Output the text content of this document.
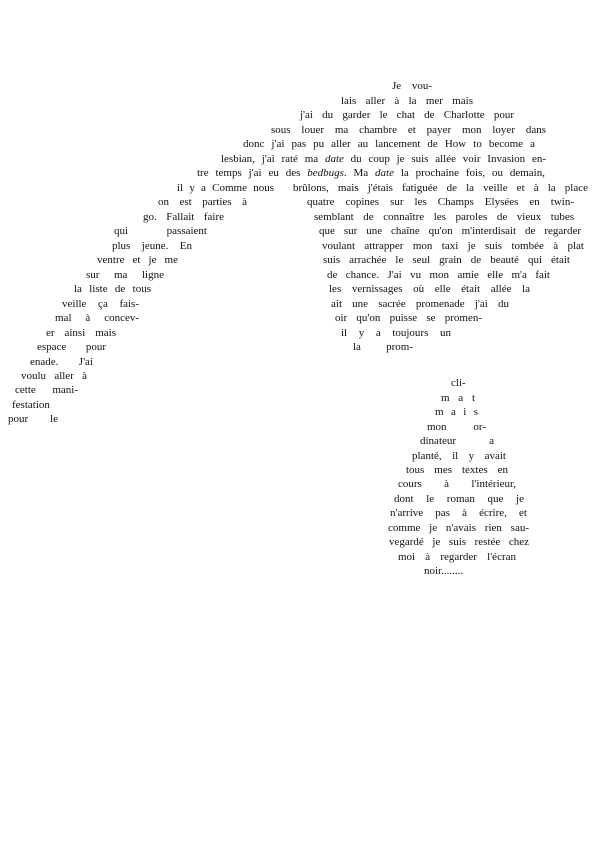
Je vou-
lais aller à la mer mais
j'ai du garder le chat de Charlotte pour
sous louer ma chambre et payer mon loyer dans
donc j'ai pas pu aller au lancement de How to become a
lesbian, j'ai raté ma date du coup je suis allée voir Invasion en-
tre temps j'ai eu des bedbugs. Ma date la prochaine fois, ou demain,
brûlons, mais j'étais fatiguée de la veille et à la place
quatre copines sur les Champs Elysées en twin-
semblant de connaître les paroles de vieux tubes
que sur une chaîne qu'on m'interdisait de regarder
voulant attrapper mon taxi je suis tombée à plat
suis arrachée le seul grain de beauté qui était
de chance. J'ai vu mon amie elle m'a fait
les vernissages où elle était allée la
ait une sacrée promenade j'ai du
oir qu'on puisse se promen-
il y a toujours un
la prom-
il y a Comme nous
on est parties à
go. Fallait faire
qui passaient
plus jeune. En
ventre et je me
sur ma ligne
la liste de tous
veille ça fais-
mal à concev-
er ainsi mais
espace pour
enade. J'ai
voulu aller à
cette mani-
festation
pour le
cli-
m a t
m a i s
mon or-
dinateur a
planté, il y avait
tous mes textes en
cours à l'intérieur,
dont le roman que je
n'arrive pas à écrire, et
comme je n'avais rien sau-
vegardé je suis restée chez
moi à regarder l'écran
noir........
